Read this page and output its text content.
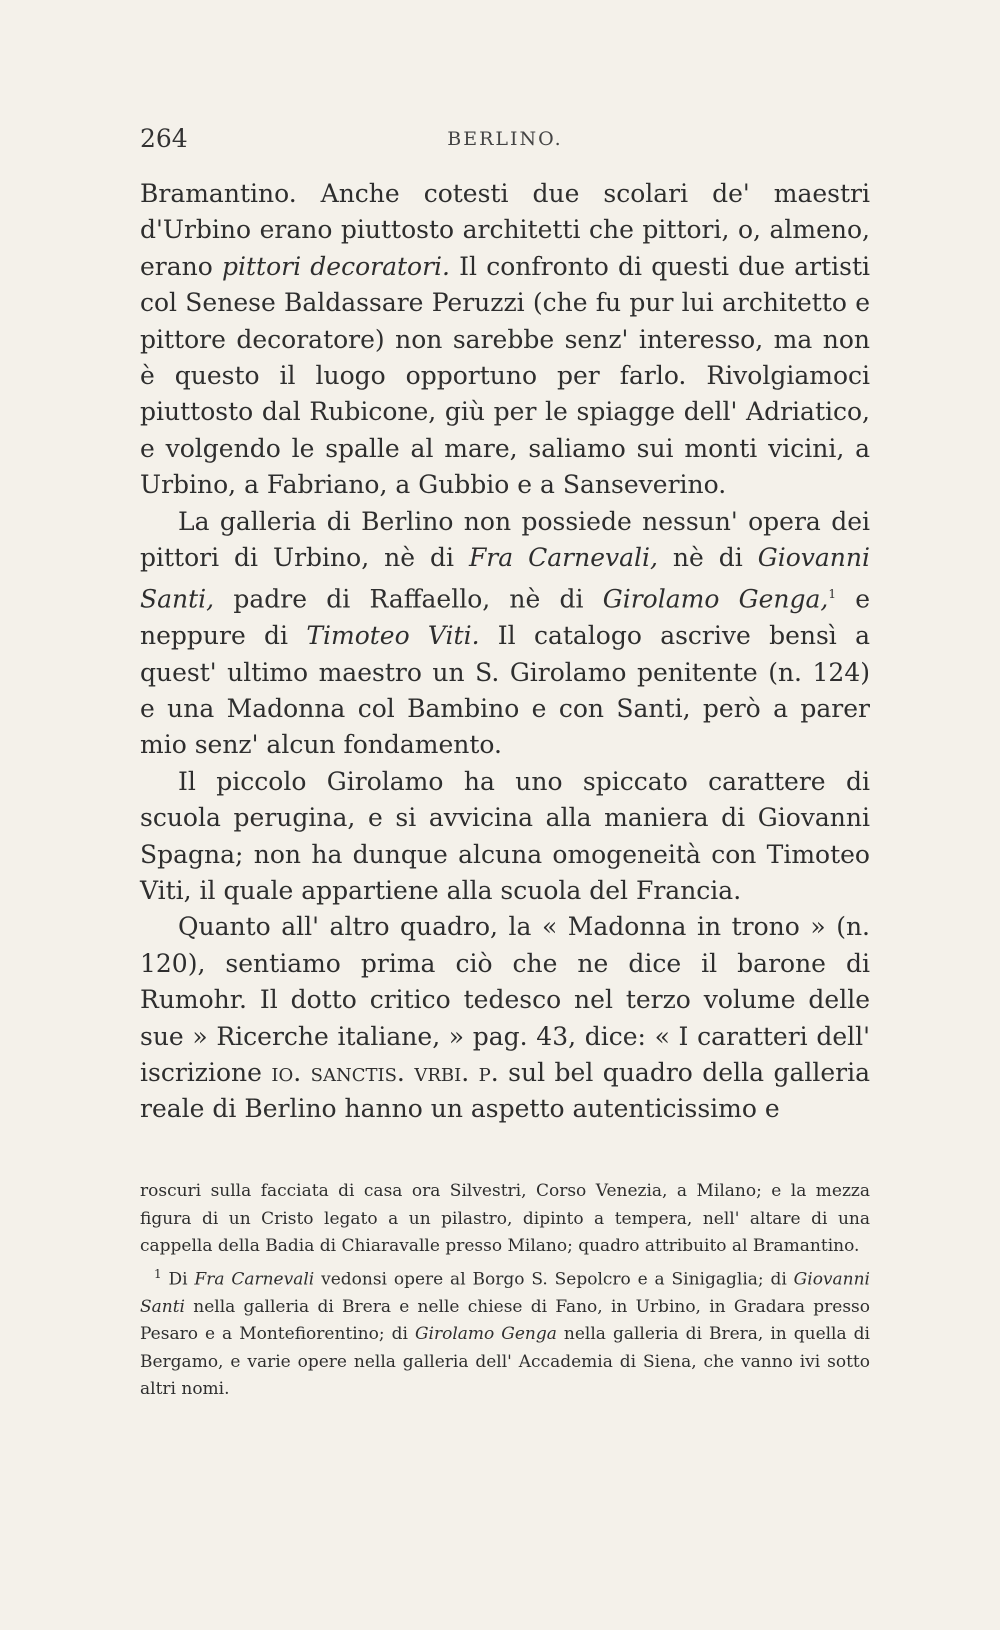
264	BERLINO.

Bramantino. Anche cotesti due scolari de' maestri d'Urbino erano piuttosto architetti che pittori, o, almeno, erano pittori decoratori. Il confronto di questi due artisti col Senese Baldassare Peruzzi (che fu pur lui architetto e pittore decoratore) non sarebbe senz' interesso, ma non è questo il luogo opportuno per farlo. Rivolgiamoci piuttosto dal Rubicone, giù per le spiagge dell' Adriatico, e volgendo le spalle al mare, saliamo sui monti vicini, a Urbino, a Fabriano, a Gubbio e a Sanseverino.

La galleria di Berlino non possiede nessun' opera dei pittori di Urbino, nè di Fra Carnevali, nè di Giovanni Santi, padre di Raffaello, nè di Girolamo Genga,$^1$ e neppure di Timoteo Viti. Il catalogo ascrive bensì a quest' ultimo maestro un S. Girolamo penitente (n. 124) e una Madonna col Bambino e con Santi, però a parer mio senz' alcun fondamento.

Il piccolo Girolamo ha uno spiccato carattere di scuola perugina, e si avvicina alla maniera di Giovanni Spagna; non ha dunque alcuna omogeneità con Timoteo Viti, il quale appartiene alla scuola del Francia.

Quanto all' altro quadro, la « Madonna in trono » (n. 120), sentiamo prima ciò che ne dice il barone di Rumohr. Il dotto critico tedesco nel terzo volume delle sue » Ricerche italiane, » pag. 43, dice: « I caratteri dell' iscrizione io. sanctis. vrbi. p. sul bel quadro della galleria reale di Berlino hanno un aspetto autenticissimo e

roscuri sulla facciata di casa ora Silvestri, Corso Venezia, a Milano; e la mezza figura di un Cristo legato a un pilastro, dipinto a tempera, nell' altare di una cappella della Badia di Chiaravalle presso Milano; quadro attribuito al Bramantino.

$^1$ Di Fra Carnevali vedonsi opere al Borgo S. Sepolcro e a Sinigaglia; di Giovanni Santi nella galleria di Brera e nelle chiese di Fano, in Urbino, in Gradara presso Pesaro e a Montefiorentino; di Girolamo Genga nella galleria di Brera, in quella di Bergamo, e varie opere nella galleria dell' Accademia di Siena, che vanno ivi sotto altri nomi.
